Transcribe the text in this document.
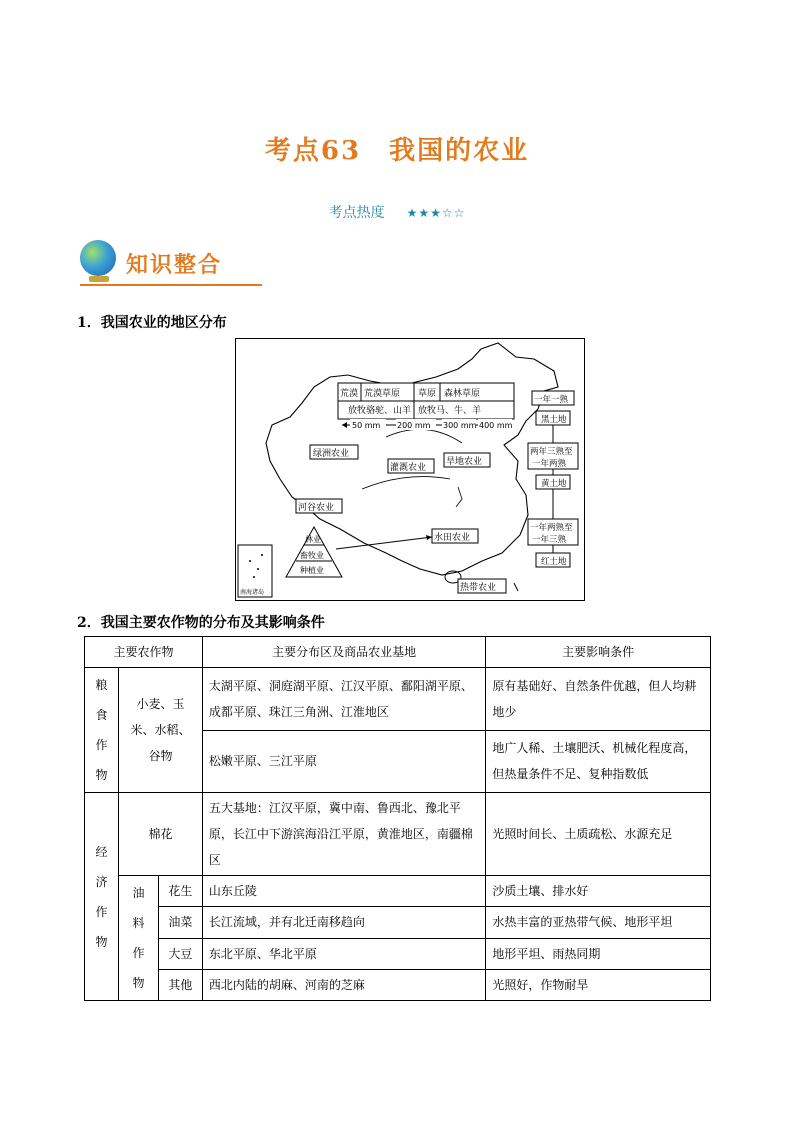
考点63　我国的农业
考点热度 ★★★☆☆
知识整合
1．我国农业的地区分布
荒漠 荒漠草原 草原 森林草原
放牧骆驼、山羊 放牧马、牛、羊
50 mm 200 mm 300 mm 400 mm
绿洲农业
灌溉农业
旱地农业
河谷农业
水田农业
热带农业
林业
畜牧业
种植业
南海诸岛
一年一熟
黑土地
两年三熟至
一年两熟
黄土地
一年两熟至
一年三熟
红土地
2．我国主要农作物的分布及其影响条件
主要农作物			主要分布区及商品农业基地	主要影响条件
粮食作物	小麦、玉米、水稻、谷物		太湖平原、洞庭湖平原、江汉平原、鄱阳湖平原、成都平原、珠江三角洲、江淮地区	原有基础好、自然条件优越，但人均耕地少
			松嫩平原、三江平原	地广人稀、土壤肥沃、机械化程度高，但热量条件不足、复种指数低
经济作物	棉花		五大基地：江汉平原，冀中南、鲁西北、豫北平原，长江中下游滨海沿江平原，黄淮地区，南疆棉区	光照时间长、土质疏松、水源充足
	油料作物	花生	山东丘陵	沙质土壤、排水好
		油菜	长江流域，并有北迁南移趋向	水热丰富的亚热带气候、地形平坦
		大豆	东北平原、华北平原	地形平坦、雨热同期
		其他	西北内陆的胡麻、河南的芝麻	光照好，作物耐旱
